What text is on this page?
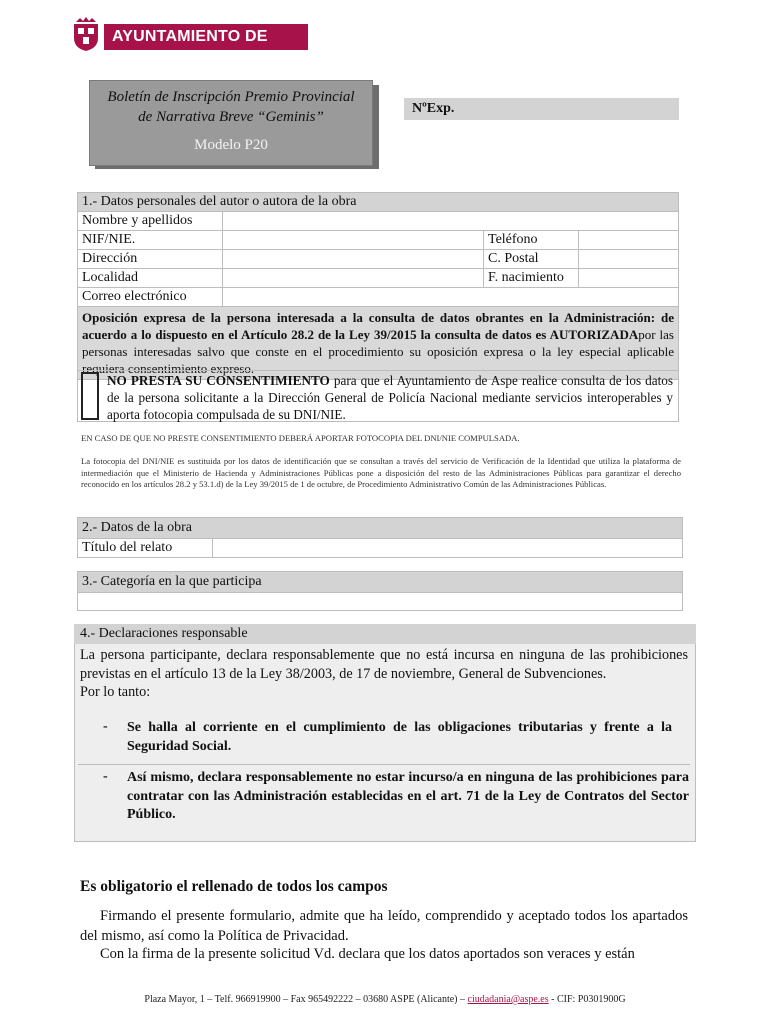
AYUNTAMIENTO DE ASPE
Boletín de Inscripción Premio Provincial
de Narrativa Breve “Geminis”
Modelo P20
NºExp.
1.- Datos personales del autor o autora de la obra			
Nombre y apellidos			
NIF/NIE.		Teléfono	
Dirección		C. Postal	
Localidad		F. nacimiento	
Correo electrónico			
Oposición expresa de la persona interesada a la consulta de datos obrantes en la Administración: de acuerdo a lo dispuesto en el Artículo 28.2 de la Ley 39/2015 la consulta de datos es AUTORIZADApor las personas interesadas salvo que conste en el procedimiento su oposición expresa o la ley especial aplicable requiera consentimiento expreso.			
NO PRESTA SU CONSENTIMIENTO para que el Ayuntamiento de Aspe realice consulta de los datos de la persona solicitante a la Dirección General de Policía Nacional mediante servicios interoperables y aporta fotocopia compulsada de su DNI/NIE.
EN CASO DE QUE NO PRESTE CONSENTIMIENTO DEBERÁ APORTAR FOTOCOPIA DEL DNI/NIE COMPULSADA.
La fotocopia del DNI/NIE es sustituida por los datos de identificación que se consultan a través del servicio de Verificación de la Identidad que utiliza la plataforma de intermediación que el Ministerio de Hacienda y Administraciones Públicas pone a disposición del resto de las Administraciones Públicas para garantizar el derecho reconocido en los artículos 28.2 y 53.1.d) de la Ley 39/2015 de 1 de octubre, de Procedimiento Administrativo Común de las Administraciones Públicas.
2.- Datos de la obra
Título del relato	
3.- Categoría en la que participa

4.- Declaraciones responsable
La persona participante, declara responsablemente que no está incursa en ninguna de las prohibiciones previstas en el artículo 13 de la Ley 38/2003, de 17 de noviembre, General de Subvenciones.
Por lo tanto:
- Se halla al corriente en el cumplimiento de las obligaciones tributarias y frente a la Seguridad Social.
- Así mismo, declara responsablemente no estar incurso/a en ninguna de las prohibiciones para contratar con las Administración establecidas en el art. 71 de la Ley de Contratos del Sector Público.
Es obligatorio el rellenado de todos los campos
Firmando el presente formulario, admite que ha leído, comprendido y aceptado todos los apartados del mismo, así como la Política de Privacidad.
Con la firma de la presente solicitud Vd. declara que los datos aportados son veraces y están
Plaza Mayor, 1 – Telf. 966919900 – Fax 965492222 – 03680 ASPE (Alicante) – ciudadania@aspe.es - CIF: P0301900G
